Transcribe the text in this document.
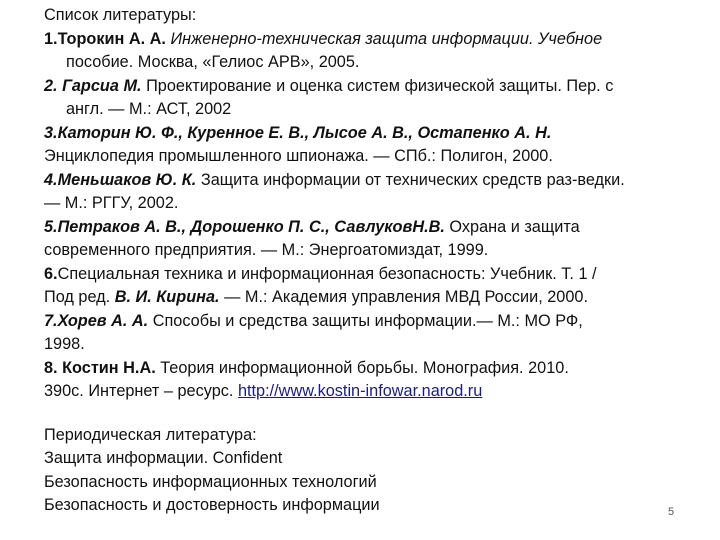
Список литературы:
1.Торокин А. А. Инженерно-техническая защита информации. Учебное
пособие. Москва, «Гелиос АРВ», 2005.
2. Гарсиа М. Проектирование и оценка систем физической защиты. Пер. с
англ. — М.: АСТ, 2002
3.Каторин Ю. Ф., Куренное Е. В., Лысое А. В., Остапенко А. Н.
Энциклопедия промышленного шпионажа. — СПб.: Полигон, 2000.
4.Меньшаков Ю. К. Защита информации от технических средств раз-ведки.
— М.: РГГУ, 2002.
5.Петраков А. В., Дорошенко П. С., СавлуковН.В. Охрана и защита
современного предприятия. — М.: Энергоатомиздат, 1999.
6.Специальная техника и информационная безопасность: Учебник. Т. 1 /
Под ред. В. И. Кирина. — М.: Академия управления МВД России, 2000.
7.Хорев А. А. Способы и средства защиты информации.— М.: МО РФ,
1998.
8. Костин Н.А. Теория информационной борьбы. Монография. 2010.
390с. Интернет – ресурс. http://www.kostin-infowar.narod.ru
Периодическая литература:
Защита информации. Confident
Безопасность информационных технологий
Безопасность и достоверность информации	5
